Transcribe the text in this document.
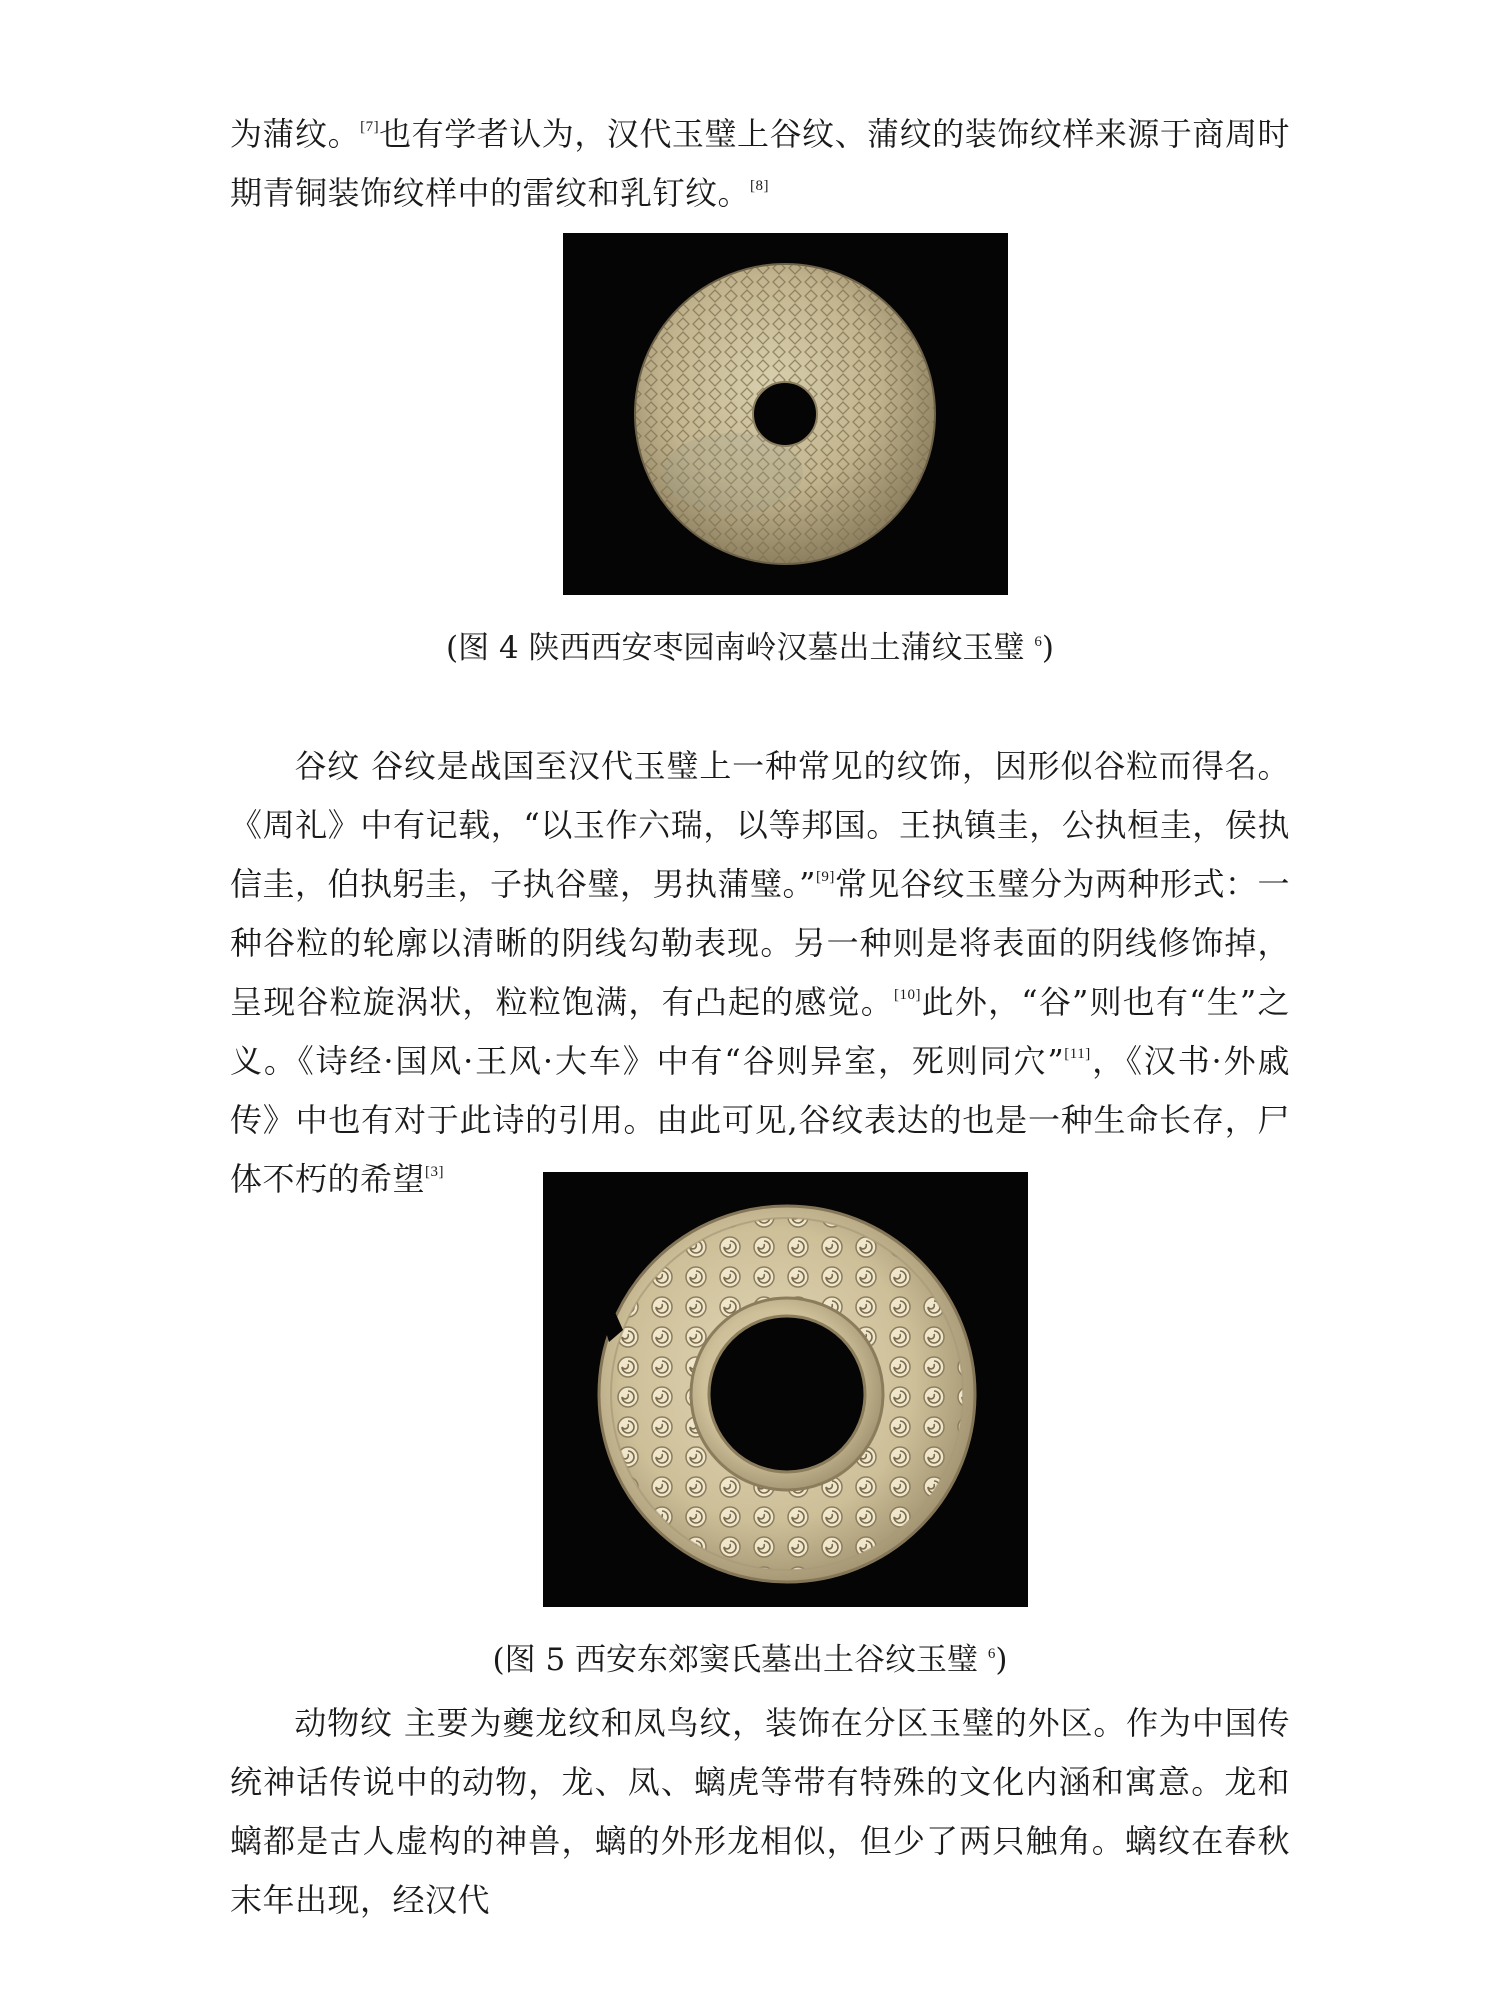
为蒲纹。[7]也有学者认为，汉代玉璧上谷纹、蒲纹的装饰纹样来源于商周时期青铜装饰纹样中的雷纹和乳钉纹。[8]

(图 4 陕西西安枣园南岭汉墓出土蒲纹玉璧 $^6$)

谷纹 谷纹是战国至汉代玉璧上一种常见的纹饰，因形似谷粒而得名。《周礼》中有记载，“以玉作六瑞，以等邦国。王执镇圭，公执桓圭，侯执信圭，伯执躬圭，子执谷璧，男执蒲璧。”[9]常见谷纹玉璧分为两种形式：一种谷粒的轮廓以清晰的阴线勾勒表现。另一种则是将表面的阴线修饰掉，呈现谷粒旋涡状，粒粒饱满，有凸起的感觉。[10]此外，“谷”则也有“生”之义。《诗经·国风·王风·大车》中有“谷则异室，死则同穴”[11]，《汉书·外戚传》中也有对于此诗的引用。由此可见,谷纹表达的也是一种生命长存，尸体不朽的希望[3]

(图 5 西安东郊窦氏墓出土谷纹玉璧 $^6$)

动物纹 主要为夔龙纹和凤鸟纹，装饰在分区玉璧的外区。作为中国传统神话传说中的动物，龙、凤、螭虎等带有特殊的文化内涵和寓意。龙和螭都是古人虚构的神兽，螭的外形龙相似，但少了两只触角。螭纹在春秋末年出现，经汉代
